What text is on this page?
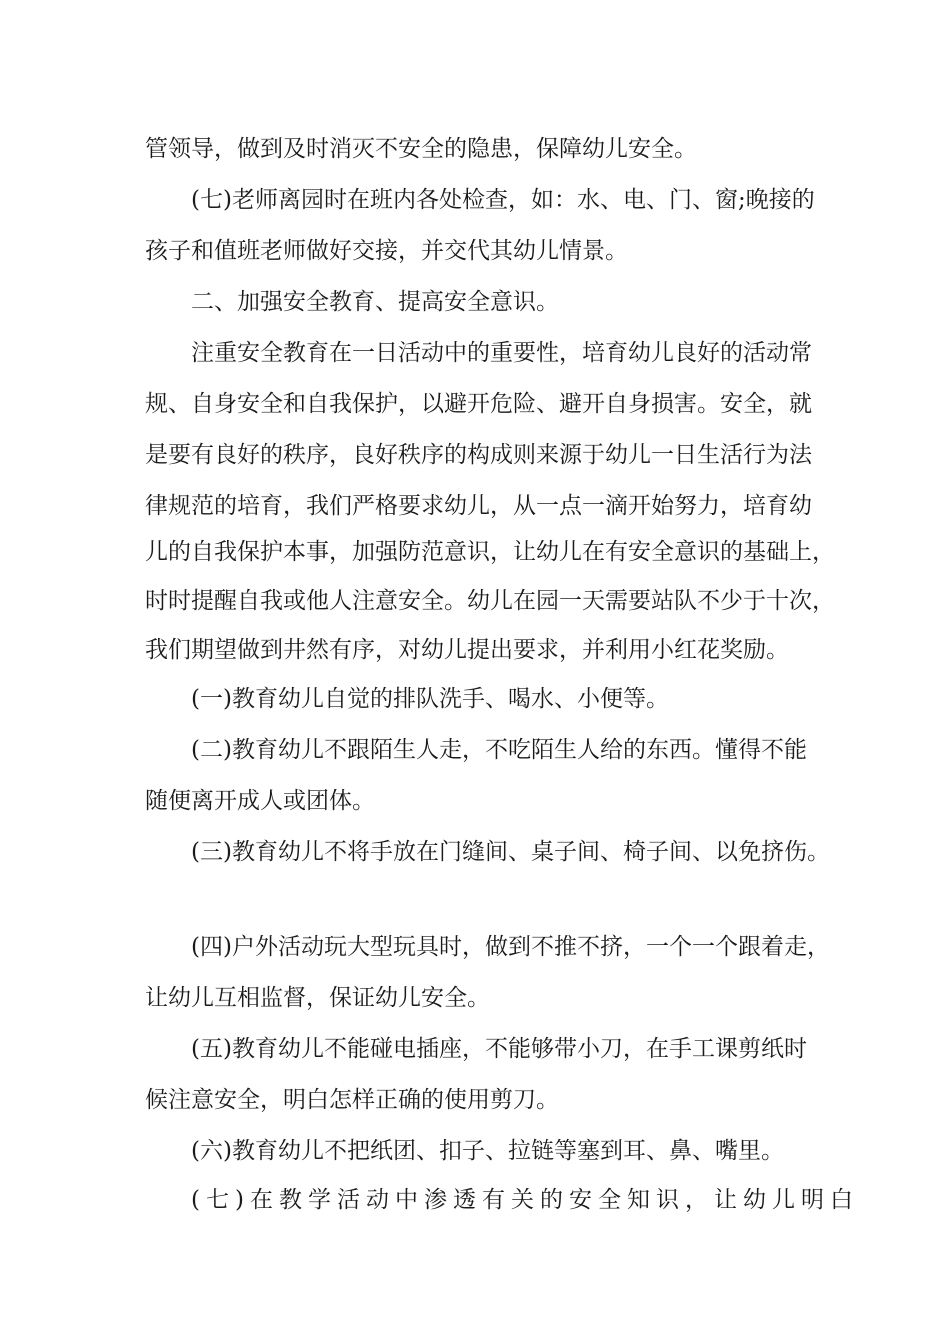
管领导，做到及时消灭不安全的隐患，保障幼儿安全。
(七)老师离园时在班内各处检查，如：水、电、门、窗;晚接的
孩子和值班老师做好交接，并交代其幼儿情景。
二、加强安全教育、提高安全意识。
注重安全教育在一日活动中的重要性，培育幼儿良好的活动常
规、自身安全和自我保护，以避开危险、避开自身损害。安全，就
是要有良好的秩序，良好秩序的构成则来源于幼儿一日生活行为法
律规范的培育，我们严格要求幼儿，从一点一滴开始努力，培育幼
儿的自我保护本事，加强防范意识，让幼儿在有安全意识的基础上，
时时提醒自我或他人注意安全。幼儿在园一天需要站队不少于十次，
我们期望做到井然有序，对幼儿提出要求，并利用小红花奖励。
(一)教育幼儿自觉的排队洗手、喝水、小便等。
(二)教育幼儿不跟陌生人走，不吃陌生人给的东西。懂得不能
随便离开成人或团体。
(三)教育幼儿不将手放在门缝间、桌子间、椅子间、以免挤伤。
(四)户外活动玩大型玩具时，做到不推不挤，一个一个跟着走，
让幼儿互相监督，保证幼儿安全。
(五)教育幼儿不能碰电插座，不能够带小刀，在手工课剪纸时
候注意安全，明白怎样正确的使用剪刀。
(六)教育幼儿不把纸团、扣子、拉链等塞到耳、鼻、嘴里。
(七)在教学活动中渗透有关的安全知识，让幼儿明白
